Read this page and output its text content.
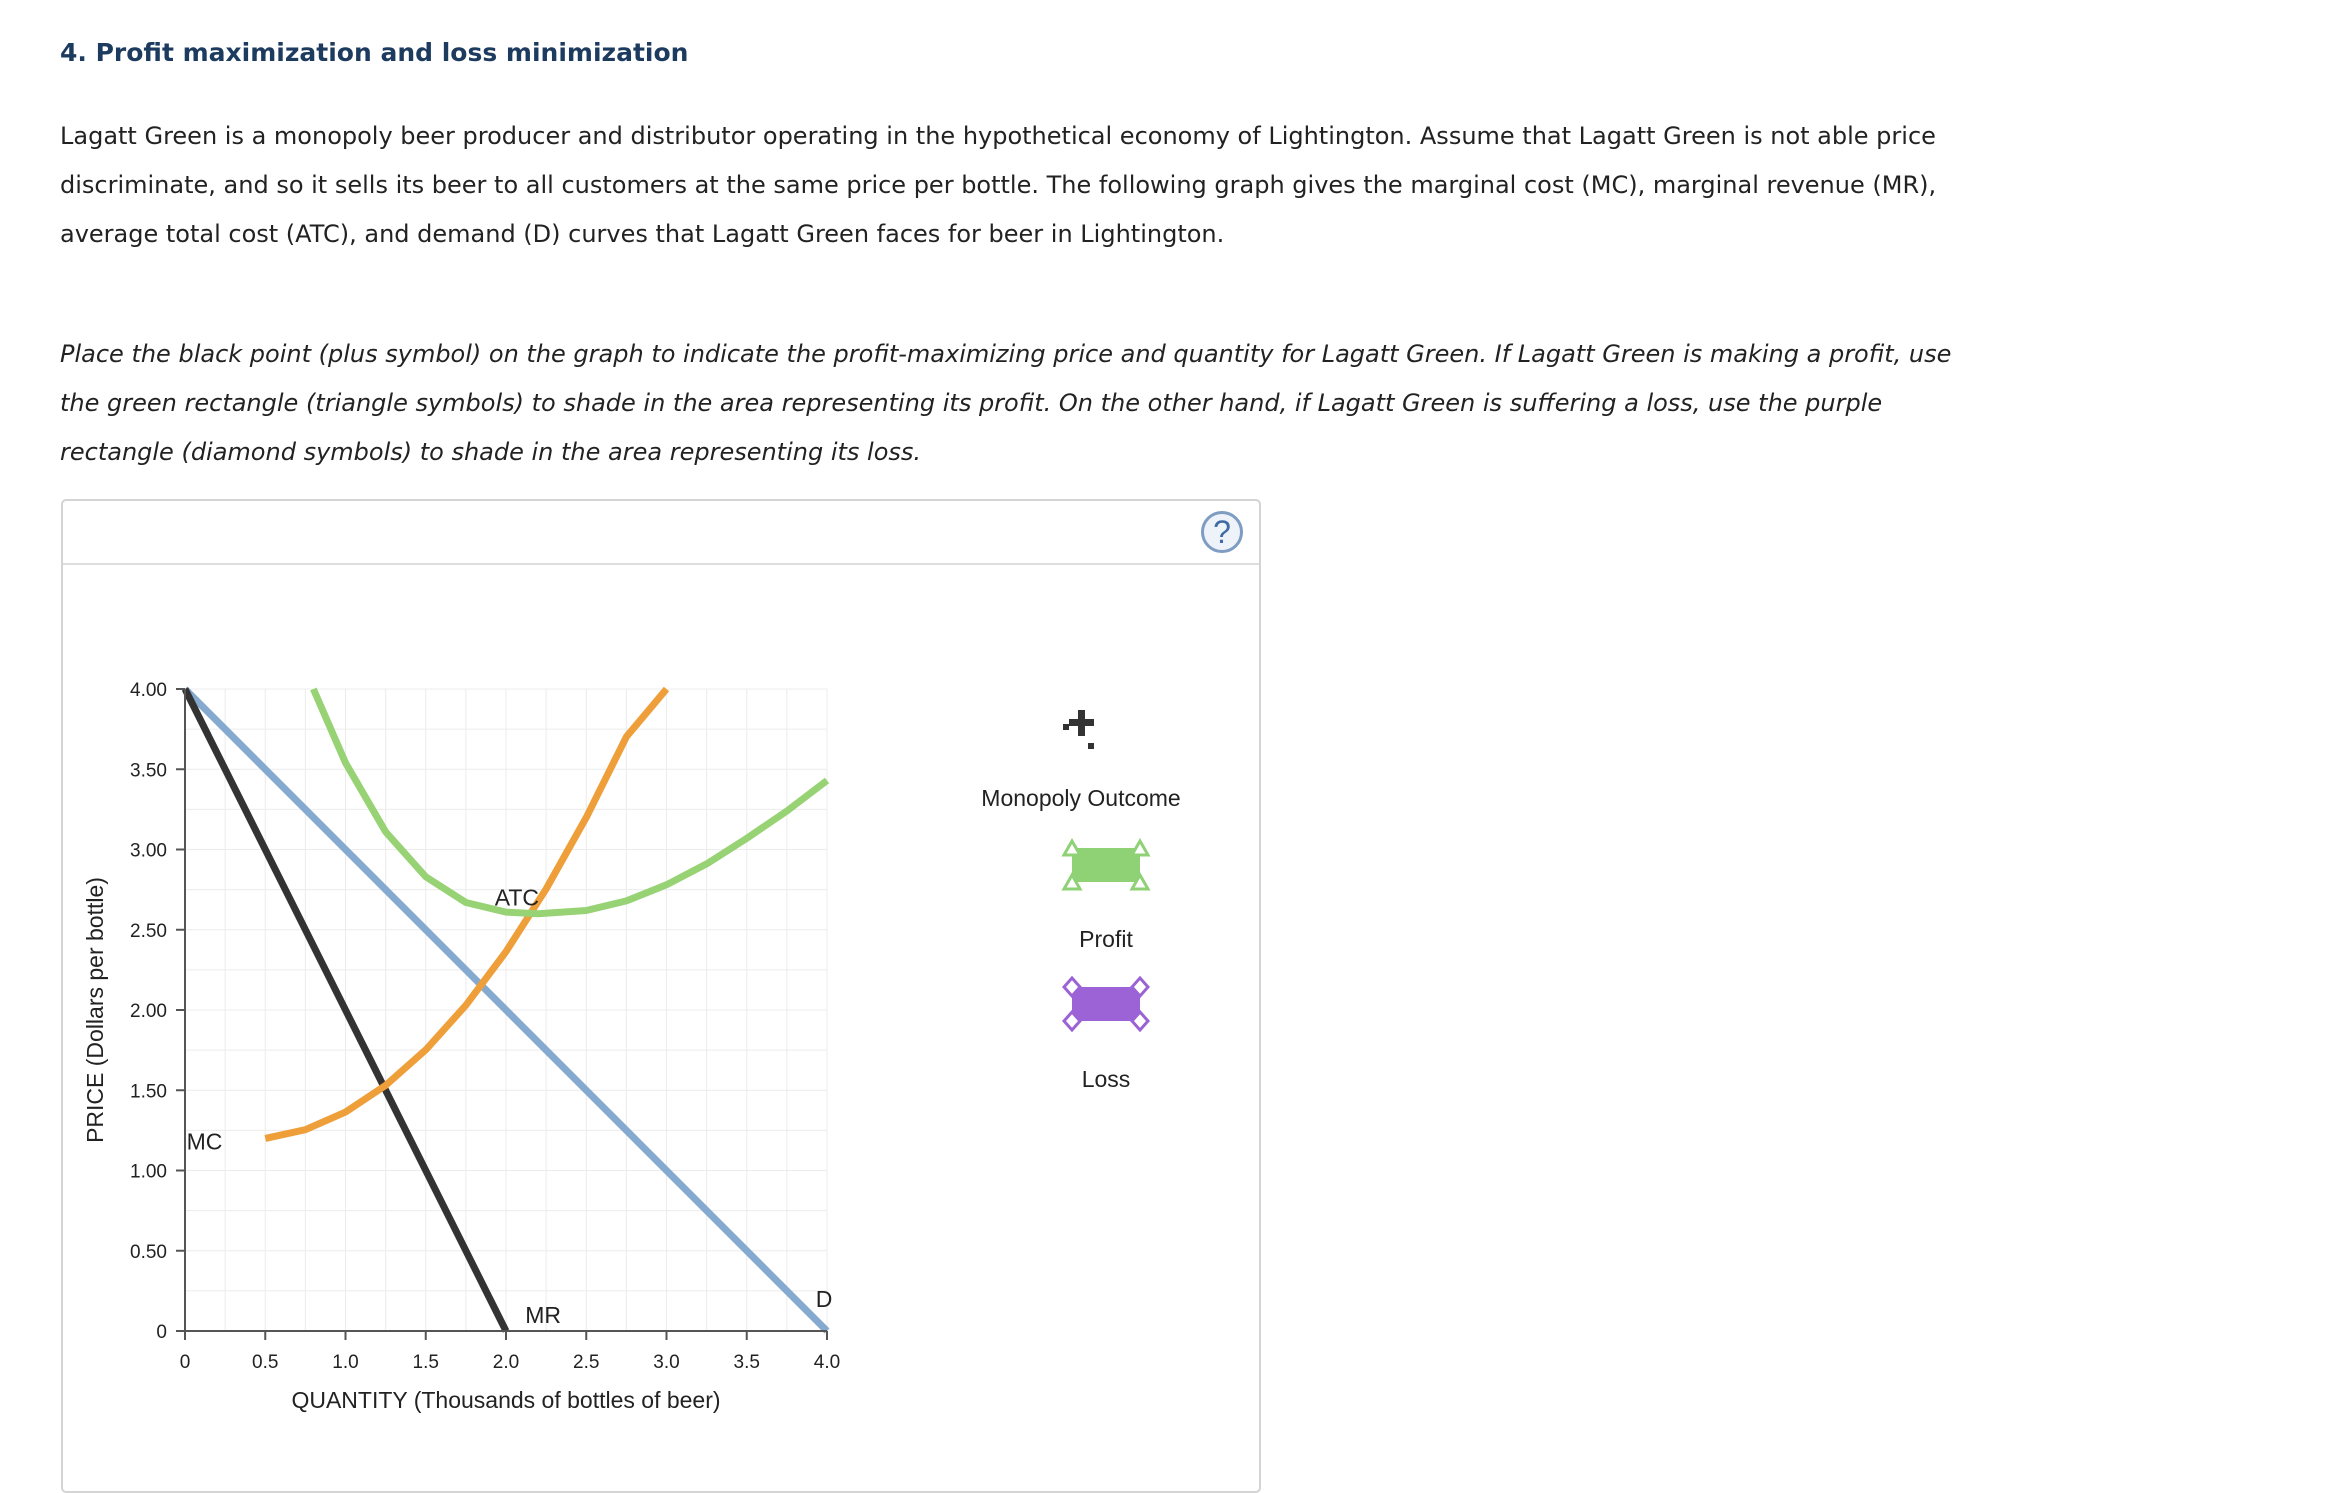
4. Profit maximization and loss minimization

Lagatt Green is a monopoly beer producer and distributor operating in the hypothetical economy of Lightington. Assume that Lagatt Green is not able price discriminate, and so it sells its beer to all customers at the same price per bottle. The following graph gives the marginal cost (MC), marginal revenue (MR), average total cost (ATC), and demand (D) curves that Lagatt Green faces for beer in Lightington.

Place the black point (plus symbol) on the graph to indicate the profit-maximizing price and quantity for Lagatt Green. If Lagatt Green is making a profit, use the green rectangle (triangle symbols) to shade in the area representing its profit. On the other hand, if Lagatt Green is suffering a loss, use the purple rectangle (diamond symbols) to shade in the area representing its loss.

?
0	0.5	1.0	1.5	2.0	2.5	3.0	3.5	4.0
0
0.50
1.00
1.50
2.00
2.50
3.00
3.50
4.00
ATC
MC
MR
D
PRICE (Dollars per bottle)
QUANTITY (Thousands of bottles of beer)
Monopoly Outcome
Profit
Loss
